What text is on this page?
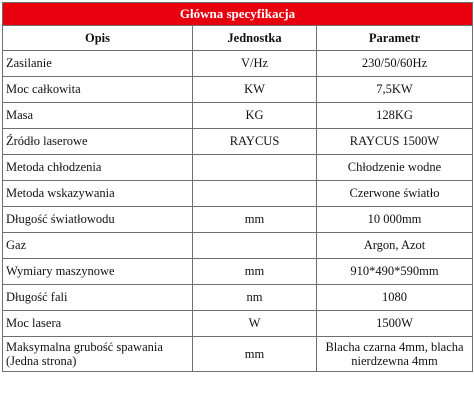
Główna specyfikacja		
Opis	Jednostka	Parametr
Zasilanie	V/Hz	230/50/60Hz
Moc całkowita	KW	7,5KW
Masa	KG	128KG
Źródło laserowe	RAYCUS	RAYCUS 1500W
Metoda chłodzenia		Chłodzenie wodne
Metoda wskazywania		Czerwone światło
Długość światłowodu	mm	10 000mm
Gaz		Argon, Azot
Wymiary maszynowe	mm	910*490*590mm
Długość fali	nm	1080
Moc lasera	W	1500W
Maksymalna grubość spawania (Jedna strona)	mm	Blacha czarna 4mm, blacha nierdzewna 4mm
